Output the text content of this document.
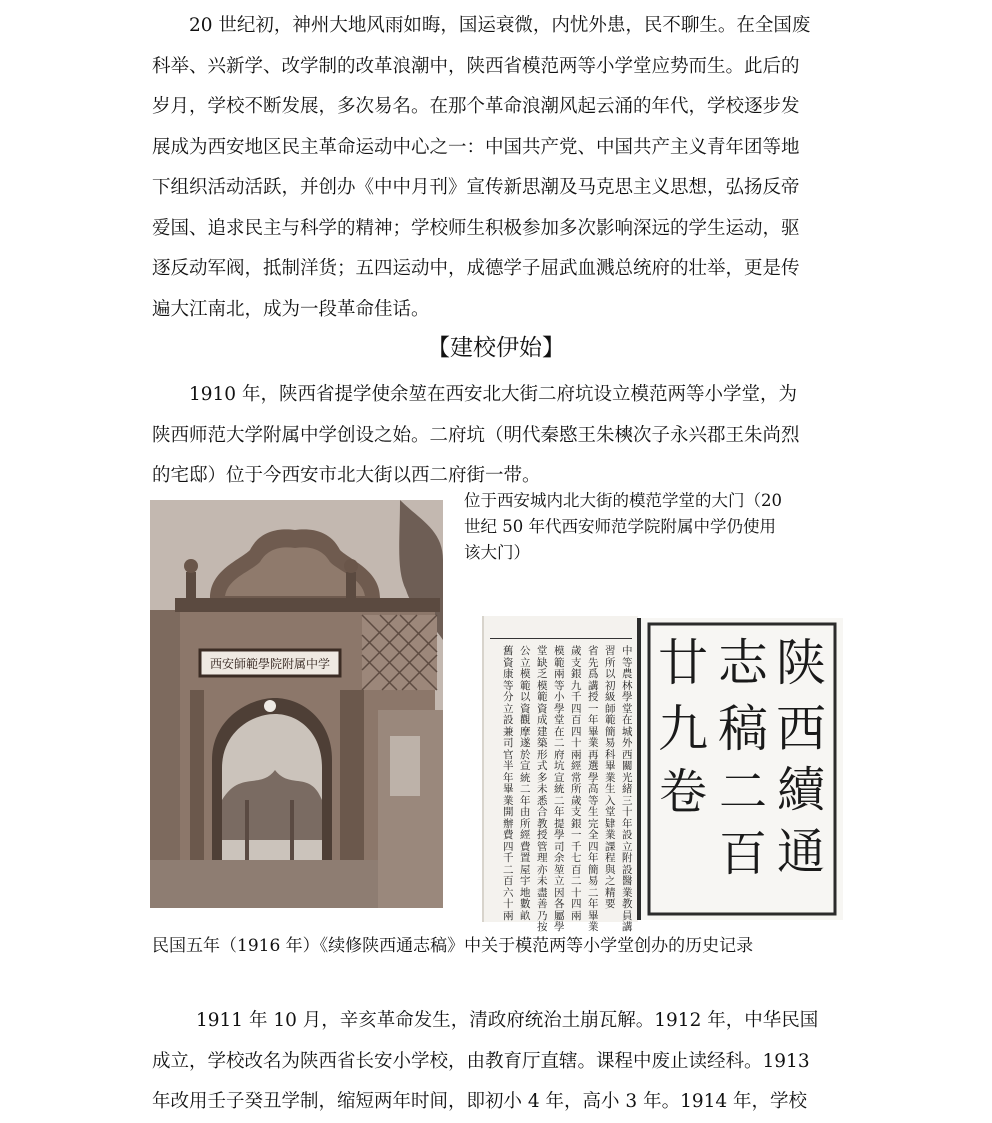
20 世纪初，神州大地风雨如晦，国运衰微，内忧外患，民不聊生。在全国废
科举、兴新学、改学制的改革浪潮中，陕西省模范两等小学堂应势而生。此后的
岁月，学校不断发展，多次易名。在那个革命浪潮风起云涌的年代，学校逐步发
展成为西安地区民主革命运动中心之一：中国共产党、中国共产主义青年团等地
下组织活动活跃，并创办《中中月刊》宣传新思潮及马克思主义思想，弘扬反帝
爱国、追求民主与科学的精神；学校师生积极参加多次影响深远的学生运动，驱
逐反动军阀，抵制洋货；五四运动中，成德学子屈武血溅总统府的壮举，更是传
遍大江南北，成为一段革命佳话。
【建校伊始】
1910 年，陕西省提学使余堃在西安北大街二府坑设立模范两等小学堂，为
陕西师范大学附属中学创设之始。二府坑（明代秦愍王朱樉次子永兴郡王朱尚烈
的宅邸）位于今西安市北大街以西二府街一带。
西安師範學院附属中学
位于西安城内北大街的模范学堂的大门（20
世纪 50 年代西安师范学院附属中学仍使用
该大门）
中等農林學堂在城外西關光緒三十年設立附設醫業教員講
習所以初級師範簡易科畢業生入堂肄業課程與之精要
省先爲講授一年畢業再選學高等生完全四年簡易二年畢業
歲支銀九千四百四十兩經常所歲支銀一千七百二十四兩
模範兩等小學堂在二府坑宣統二年提學司余堃立因各屬學
堂缺乏模範資成建築形式多未悉合教授管理亦未盡善乃按
公立模範以資觀摩遂於宣統二年由所經費置屋宇地數畝
舊資康等分立設兼司官半年畢業開辦費四千二百六十兩
陕
西
續
通
志
稿
二
百
廿
九
卷
民国五年（1916 年）《续修陕西通志稿》中关于模范两等小学堂创办的历史记录
1911 年 10 月，辛亥革命发生，清政府统治土崩瓦解。1912 年，中华民国
成立，学校改名为陕西省长安小学校，由教育厅直辖。课程中废止读经科。1913
年改用壬子癸丑学制，缩短两年时间，即初小 4 年，高小 3 年。1914 年，学校
